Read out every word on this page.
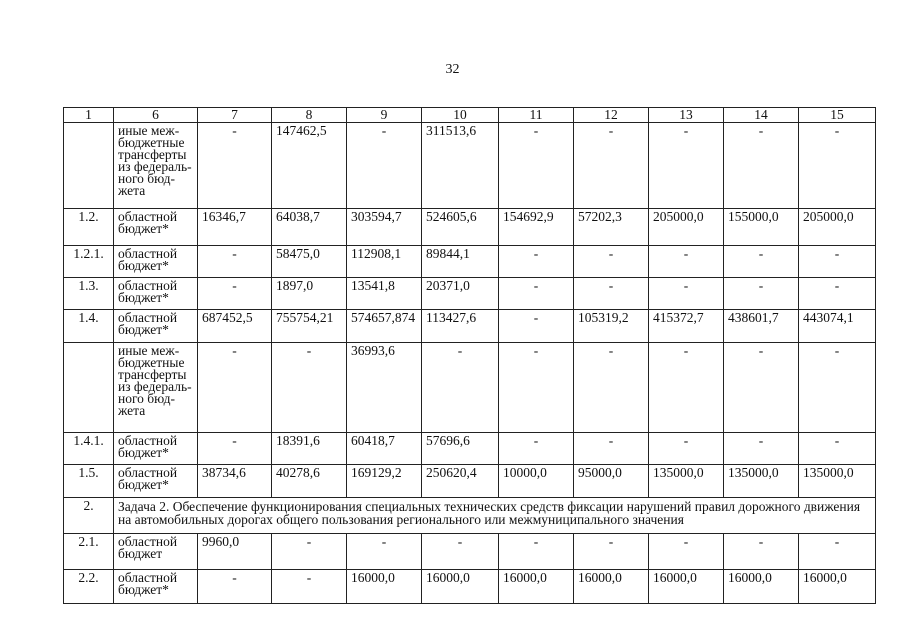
32
1	6	7	8	9	10	11	12	13	14	15
	иные меж-бюджетные трансферты из федераль-ного бюд-жета	-	147462,5	-	311513,6	-	-	-	-	-
1.2.	областной бюджет*	16346,7	64038,7	303594,7	524605,6	154692,9	57202,3	205000,0	155000,0	205000,0
1.2.1.	областной бюджет*	-	58475,0	112908,1	89844,1	-	-	-	-	-
1.3.	областной бюджет*	-	1897,0	13541,8	20371,0	-	-	-	-	-
1.4.	областной бюджет*	687452,5	755754,21	574657,874	113427,6	-	105319,2	415372,7	438601,7	443074,1
	иные меж-бюджетные трансферты из федераль-ного бюд-жета	-	-	36993,6	-	-	-	-	-	-
1.4.1.	областной бюджет*	-	18391,6	60418,7	57696,6	-	-	-	-	-
1.5.	областной бюджет*	38734,6	40278,6	169129,2	250620,4	10000,0	95000,0	135000,0	135000,0	135000,0
2.	Задача 2. Обеспечение функционирования специальных технических средств фиксации нарушений правил дорожного движения на автомобильных дорогах общего пользования регионального или межмуниципального значения									
2.1.	областной бюджет	9960,0	-	-	-	-	-	-	-	-
2.2.	областной бюджет*	-	-	16000,0	16000,0	16000,0	16000,0	16000,0	16000,0	16000,0
